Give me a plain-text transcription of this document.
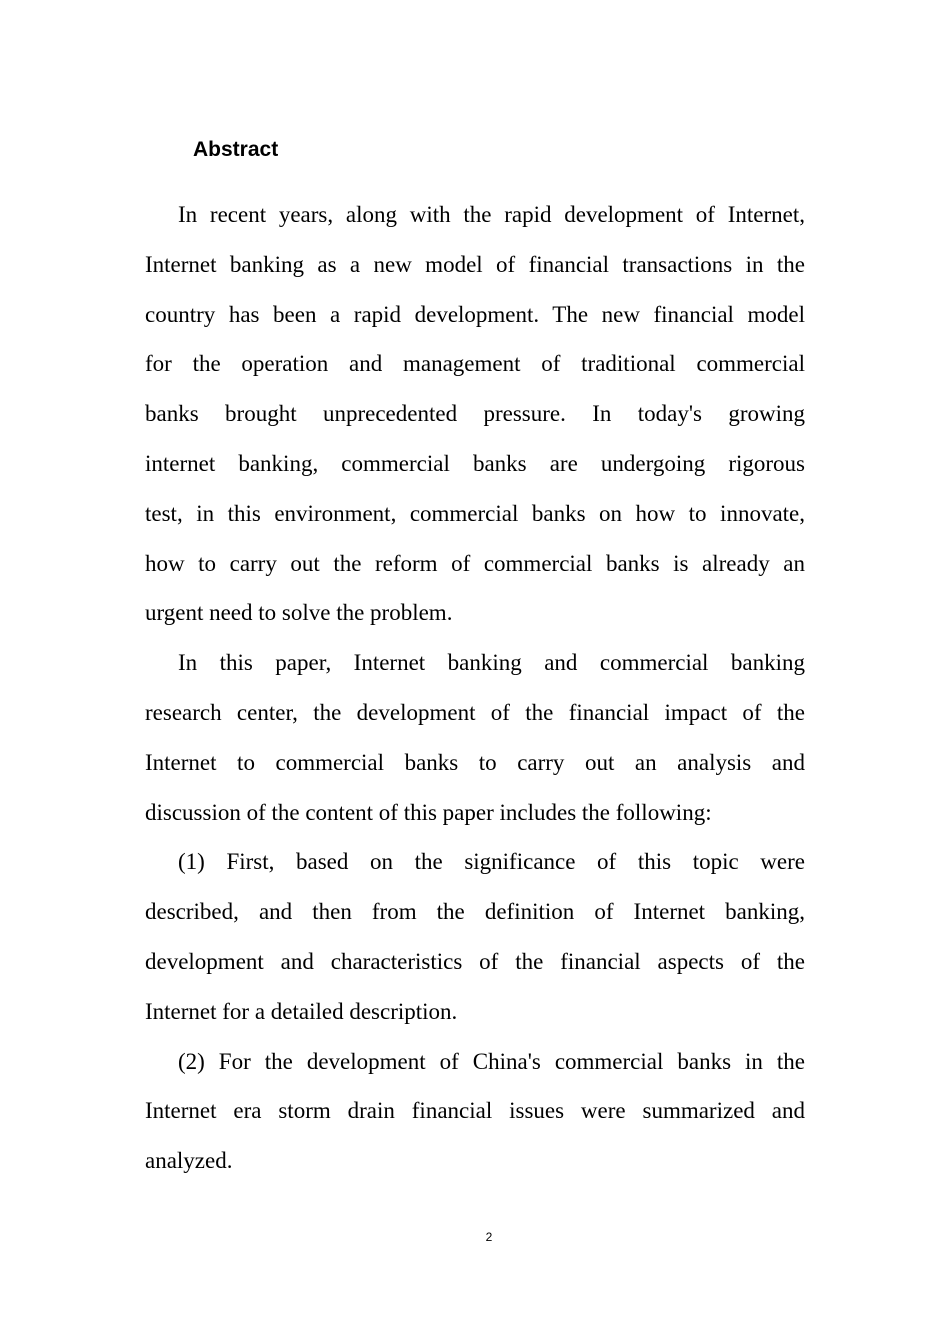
Abstract
In recent years, along with the rapid development of Internet,
Internet banking as a new model of financial transactions in the
country has been a rapid development. The new financial model
for the operation and management of traditional commercial
banks brought unprecedented pressure. In today's growing
internet banking, commercial banks are undergoing rigorous
test, in this environment, commercial banks on how to innovate,
how to carry out the reform of commercial banks is already an
urgent need to solve the problem.
In this paper, Internet banking and commercial banking
research center, the development of the financial impact of the
Internet to commercial banks to carry out an analysis and
discussion of the content of this paper includes the following:
(1) First, based on the significance of this topic were
described, and then from the definition of Internet banking,
development and characteristics of the financial aspects of the
Internet for a detailed description.
(2) For the development of China's commercial banks in the
Internet era storm drain financial issues were summarized and
analyzed.
2
